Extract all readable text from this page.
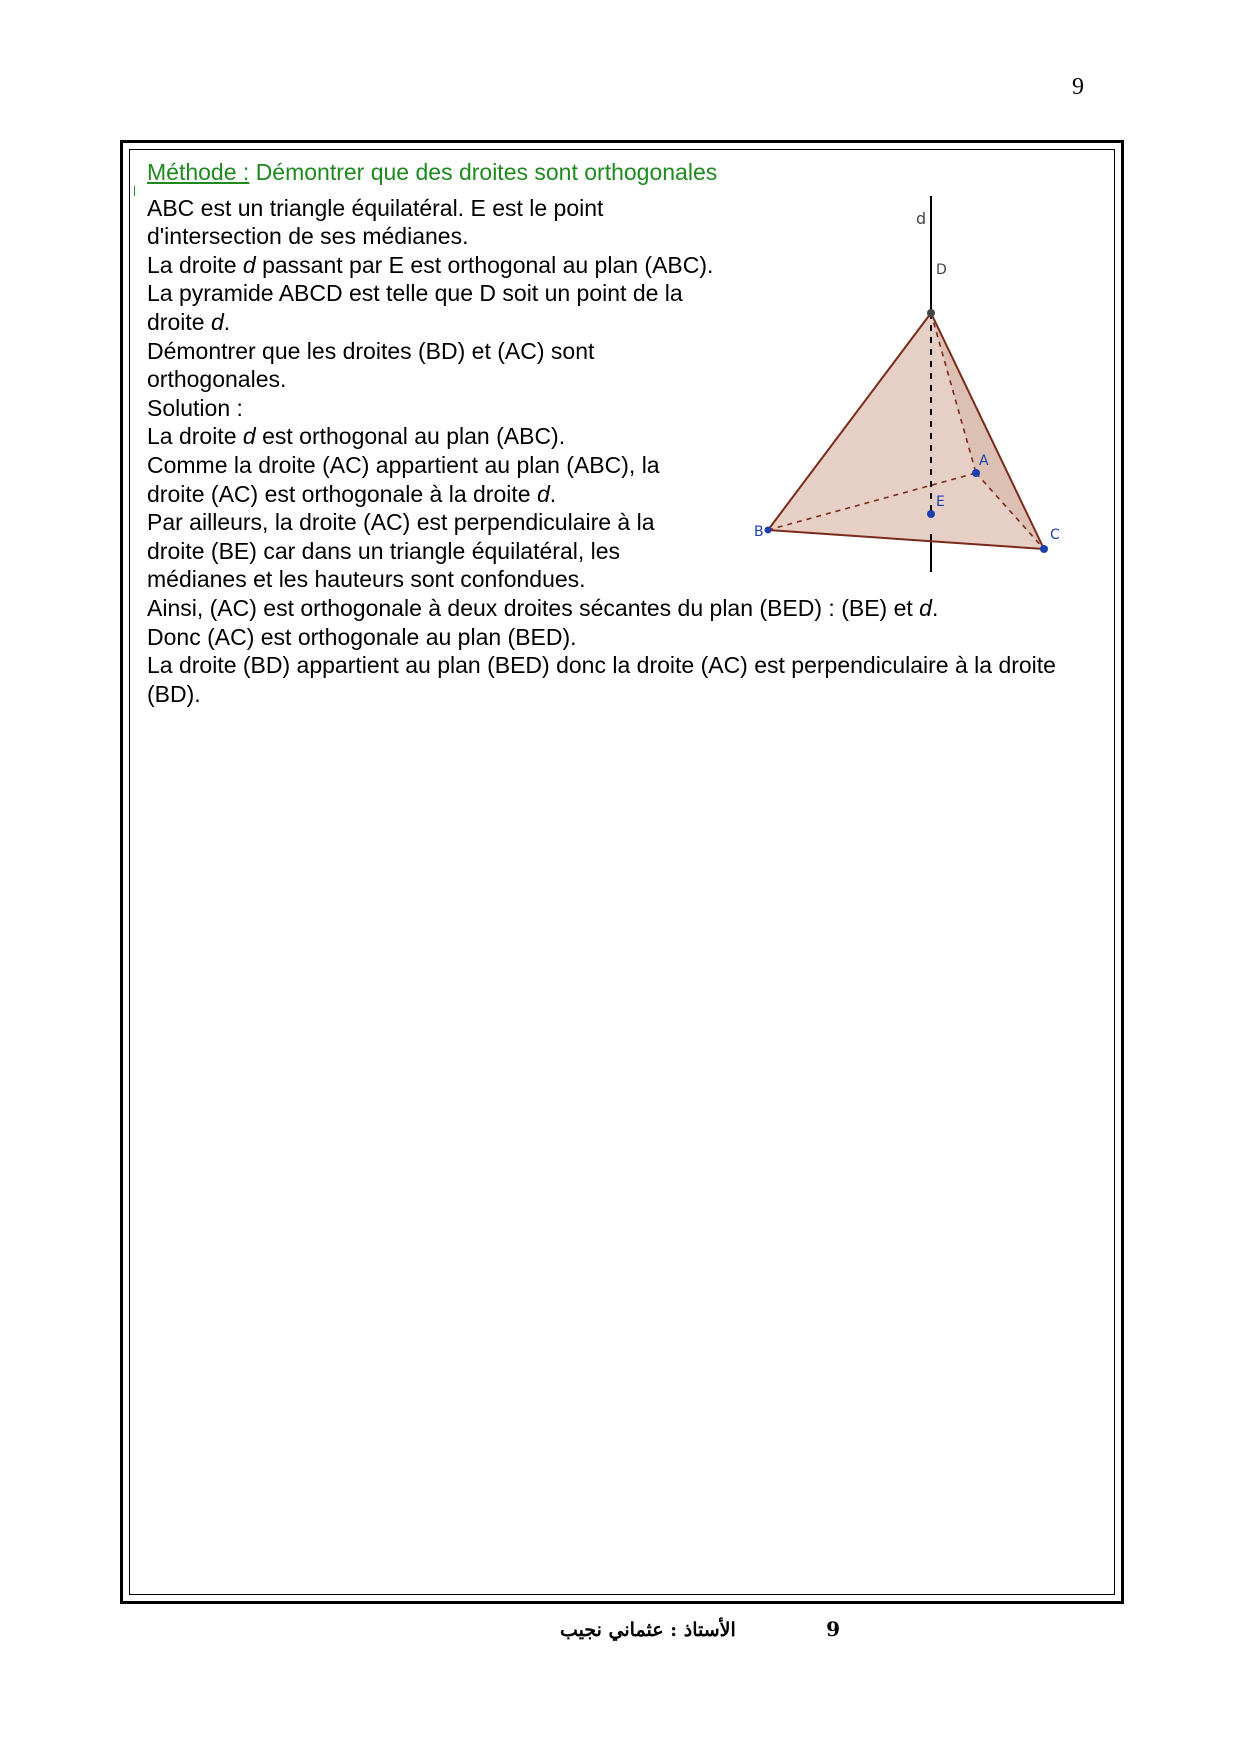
9
Méthode : Démontrer que des droites sont orthogonales

ABC est un triangle équilatéral. E est le point d'intersection de ses médianes.

La droite d passant par E est orthogonal au plan (ABC).

La pyramide ABCD est telle que D soit un point de la droite d.

Démontrer que les droites (BD) et (AC) sont orthogonales.

Solution :

La droite d est orthogonal au plan (ABC).

Comme la droite (AC) appartient au plan (ABC), la droite (AC) est orthogonale à la droite d.

Par ailleurs, la droite (AC) est perpendiculaire à la droite (BE) car dans un triangle équilatéral, les médianes et les hauteurs sont confondues.

Ainsi, (AC) est orthogonale à deux droites sécantes du plan (BED) : (BE) et d.

Donc (AC) est orthogonale au plan (BED).

La droite (BD) appartient au plan (BED) donc la droite (AC) est perpendiculaire à la droite (BD).

d
D
A
E
B	C
الأستاذ : عثماني نجيب	9
